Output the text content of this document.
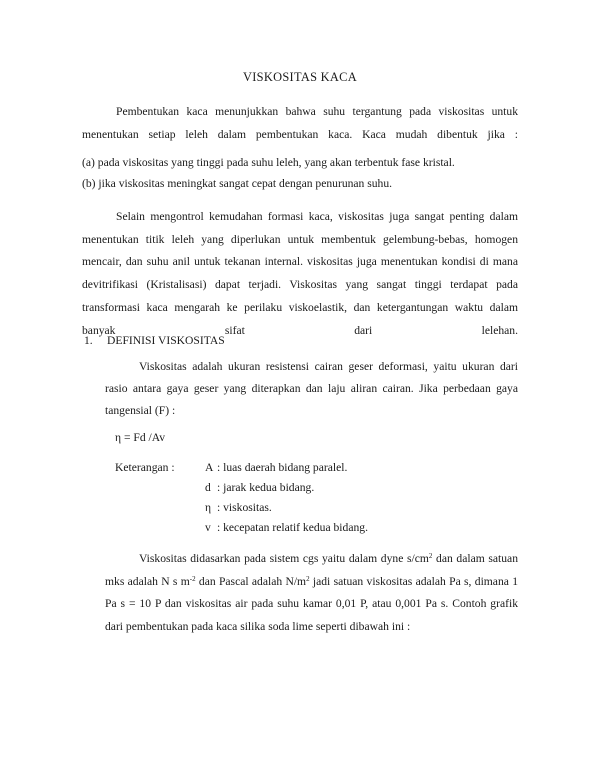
VISKOSITAS KACA
Pembentukan kaca menunjukkan bahwa suhu tergantung pada viskositas untuk menentukan setiap leleh dalam pembentukan kaca. Kaca mudah dibentuk jika :
(a) pada viskositas yang tinggi pada suhu leleh, yang akan terbentuk fase kristal.
(b) jika viskositas meningkat sangat cepat dengan penurunan suhu.
Selain mengontrol kemudahan formasi kaca, viskositas juga sangat penting dalam menentukan titik leleh yang diperlukan untuk membentuk gelembung-bebas, homogen mencair, dan suhu anil untuk tekanan internal. viskositas juga menentukan kondisi di mana devitrifikasi (Kristalisasi) dapat terjadi. Viskositas yang sangat tinggi terdapat pada transformasi kaca mengarah ke perilaku viskoelastik, dan ketergantungan waktu dalam banyak sifat dari lelehan.
1. DEFINISI VISKOSITAS
Viskositas adalah ukuran resistensi cairan geser deformasi, yaitu ukuran dari rasio antara gaya geser yang diterapkan dan laju aliran cairan. Jika perbedaan gaya tangensial (F) :
η = Fd /Av
Keterangan :	A : luas daerah bidang paralel.
d : jarak kedua bidang.
η : viskositas.
v : kecepatan relatif kedua bidang.
Viskositas didasarkan pada sistem cgs yaitu dalam dyne $s/cm^2$ dan dalam satuan mks adalah N s $m^{-2}$ dan Pascal adalah $N/m^2$ jadi satuan viskositas adalah Pa s, dimana 1 Pa s = 10 P dan viskositas air pada suhu kamar 0,01 P, atau 0,001 Pa s. Contoh grafik dari pembentukan pada kaca silika soda lime seperti dibawah ini :
